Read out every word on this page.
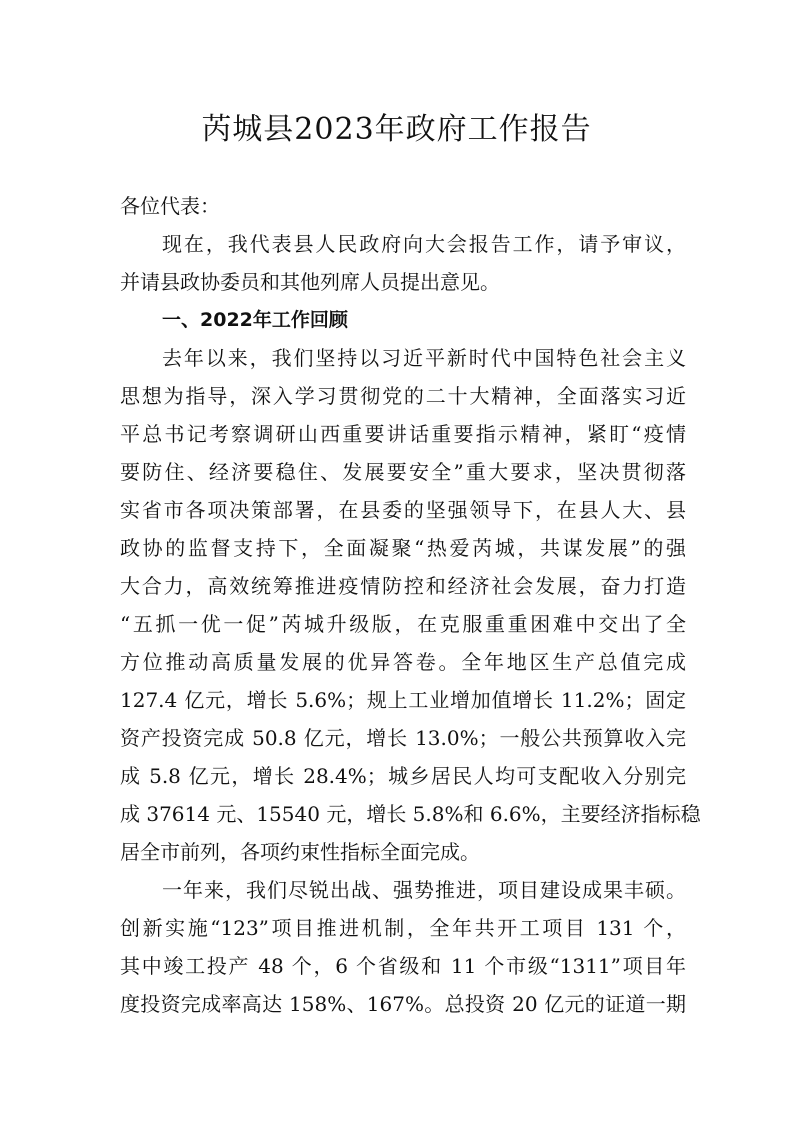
芮城县2023年政府工作报告
各位代表：
现在，我代表县人民政府向大会报告工作，请予审议，
并请县政协委员和其他列席人员提出意见。
一、2022年工作回顾
去年以来，我们坚持以习近平新时代中国特色社会主义
思想为指导，深入学习贯彻党的二十大精神，全面落实习近
平总书记考察调研山西重要讲话重要指示精神，紧盯“疫情
要防住、经济要稳住、发展要安全”重大要求，坚决贯彻落
实省市各项决策部署，在县委的坚强领导下，在县人大、县
政协的监督支持下，全面凝聚“热爱芮城，共谋发展”的强
大合力，高效统筹推进疫情防控和经济社会发展，奋力打造
“五抓一优一促”芮城升级版，在克服重重困难中交出了全
方位推动高质量发展的优异答卷。全年地区生产总值完成
127.4 亿元，增长 5.6%；规上工业增加值增长 11.2%；固定
资产投资完成 50.8 亿元，增长 13.0%；一般公共预算收入完
成 5.8 亿元，增长 28.4%；城乡居民人均可支配收入分别完
成 37614 元、15540 元，增长 5.8%和 6.6%，主要经济指标稳
居全市前列，各项约束性指标全面完成。
一年来，我们尽锐出战、强势推进，项目建设成果丰硕。
创新实施“123”项目推进机制，全年共开工项目 131 个，
其中竣工投产 48 个，6 个省级和 11 个市级“1311”项目年
度投资完成率高达 158%、167%。总投资 20 亿元的证道一期
